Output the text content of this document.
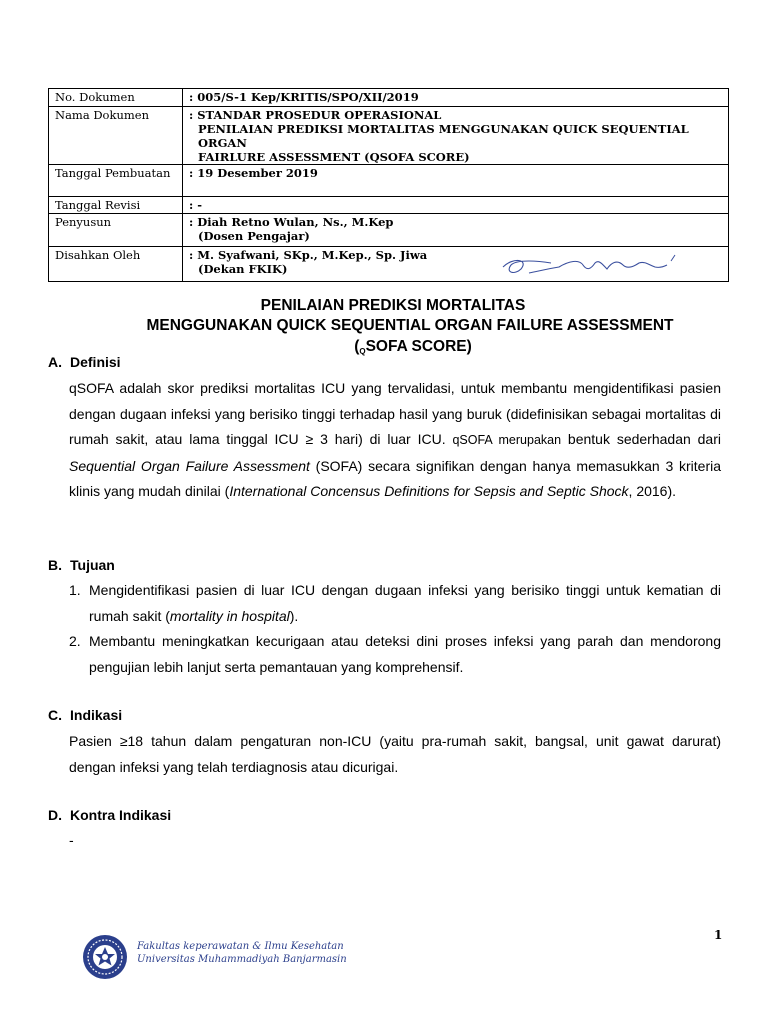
No. Dokumen	: 005/S-1 Kep/KRITIS/SPO/XII/2019
Nama Dokumen	: STANDAR PROSEDUR OPERASIONAL
PENILAIAN PREDIKSI MORTALITAS MENGGUNAKAN QUICK SEQUENTIAL ORGAN
FAIRLURE ASSESSMENT (QSOFA SCORE)

Tanggal Pembuatan	: 19 Desember 2019
Tanggal Revisi	: -
Penyusun	: Diah Retno Wulan, Ns., M.Kep
(Dosen Pengajar)

Disahkan Oleh	: M. Syafwani, SKp., M.Kep., Sp. Jiwa
(Dekan FKIK)
PENILAIAN PREDIKSI MORTALITAS
MENGGUNAKAN QUICK SEQUENTIAL ORGAN FAILURE ASSESSMENT
(QSOFA SCORE)
A. Definisi
qSOFA adalah skor prediksi mortalitas ICU yang tervalidasi, untuk membantu mengidentifikasi pasien dengan dugaan infeksi yang berisiko tinggi terhadap hasil yang buruk (didefinisikan sebagai mortalitas di rumah sakit, atau lama tinggal ICU ≥ 3 hari) di luar ICU. qSOFA merupakan bentuk sederhadan dari Sequential Organ Failure Assessment (SOFA) secara signifikan dengan hanya memasukkan 3 kriteria klinis yang mudah dinilai (International Concensus Definitions for Sepsis and Septic Shock, 2016).
B. Tujuan
1. Mengidentifikasi pasien di luar ICU dengan dugaan infeksi yang berisiko tinggi untuk kematian di rumah sakit (mortality in hospital).
2. Membantu meningkatkan kecurigaan atau deteksi dini proses infeksi yang parah dan mendorong pengujian lebih lanjut serta pemantauan yang komprehensif.
C. Indikasi
Pasien ≥18 tahun dalam pengaturan non-ICU (yaitu pra-rumah sakit, bangsal, unit gawat darurat) dengan infeksi yang telah terdiagnosis atau dicurigai.
D. Kontra Indikasi
-
Fakultas keperawatan & Ilmu Kesehatan
Universitas Muhammadiyah Banjarmasin
1
